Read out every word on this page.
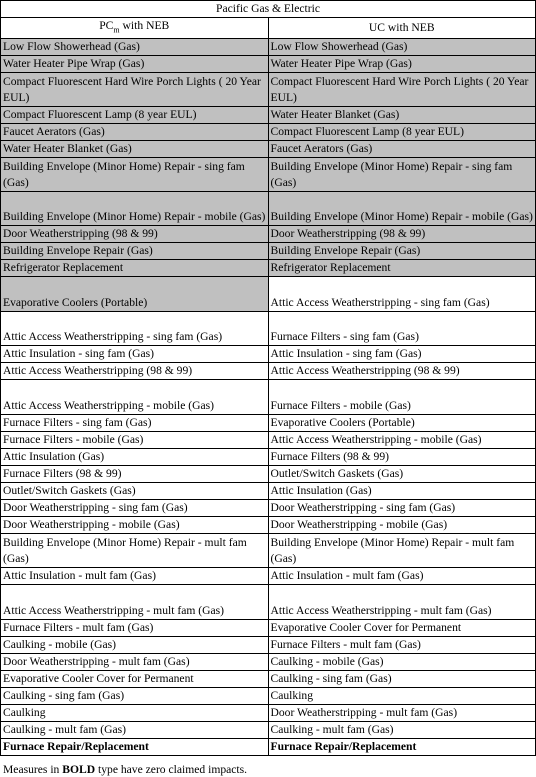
Pacific Gas & Electric	
$PC_m$ with NEB	UC with NEB
Low Flow Showerhead (Gas)	Low Flow Showerhead (Gas)
Water Heater Pipe Wrap (Gas)	Water Heater Pipe Wrap (Gas)
Compact Fluorescent Hard Wire Porch Lights ( 20 Year EUL)	Compact Fluorescent Hard Wire Porch Lights ( 20 Year EUL)
Compact Fluorescent Lamp (8 year EUL)	Water Heater Blanket (Gas)
Faucet Aerators (Gas)	Compact Fluorescent Lamp (8 year EUL)
Water Heater Blanket (Gas)	Faucet Aerators (Gas)
Building Envelope (Minor Home) Repair - sing fam (Gas)	Building Envelope (Minor Home) Repair - sing fam (Gas)
Building Envelope (Minor Home) Repair - mobile (Gas)	Building Envelope (Minor Home) Repair - mobile (Gas)
Door Weatherstripping (98 & 99)	Door Weatherstripping (98 & 99)
Building Envelope Repair (Gas)	Building Envelope Repair (Gas)
Refrigerator Replacement	Refrigerator Replacement
Evaporative Coolers (Portable)	Attic Access Weatherstripping - sing fam (Gas)
Attic Access Weatherstripping - sing fam (Gas)	Furnace Filters - sing fam (Gas)
Attic Insulation - sing fam (Gas)	Attic Insulation - sing fam (Gas)
Attic Access Weatherstripping (98 & 99)	Attic Access Weatherstripping (98 & 99)
Attic Access Weatherstripping - mobile (Gas)	Furnace Filters - mobile (Gas)
Furnace Filters - sing fam (Gas)	Evaporative Coolers (Portable)
Furnace Filters - mobile (Gas)	Attic Access Weatherstripping - mobile (Gas)
Attic Insulation (Gas)	Furnace Filters (98 & 99)
Furnace Filters (98 & 99)	Outlet/Switch Gaskets (Gas)
Outlet/Switch Gaskets (Gas)	Attic Insulation (Gas)
Door Weatherstripping - sing fam (Gas)	Door Weatherstripping - sing fam (Gas)
Door Weatherstripping - mobile (Gas)	Door Weatherstripping - mobile (Gas)
Building Envelope (Minor Home) Repair - mult fam (Gas)	Building Envelope (Minor Home) Repair - mult fam (Gas)
Attic Insulation - mult fam (Gas)	Attic Insulation - mult fam (Gas)
Attic Access Weatherstripping - mult fam (Gas)	Attic Access Weatherstripping - mult fam (Gas)
Furnace Filters - mult fam (Gas)	Evaporative Cooler Cover for Permanent
Caulking - mobile (Gas)	Furnace Filters - mult fam (Gas)
Door Weatherstripping - mult fam (Gas)	Caulking - mobile (Gas)
Evaporative Cooler Cover for Permanent	Caulking - sing fam (Gas)
Caulking - sing fam (Gas)	Caulking
Caulking	Door Weatherstripping - mult fam (Gas)
Caulking - mult fam (Gas)	Caulking - mult fam (Gas)
Furnace Repair/Replacement	Furnace Repair/Replacement
Measures in BOLD type have zero claimed impacts.
